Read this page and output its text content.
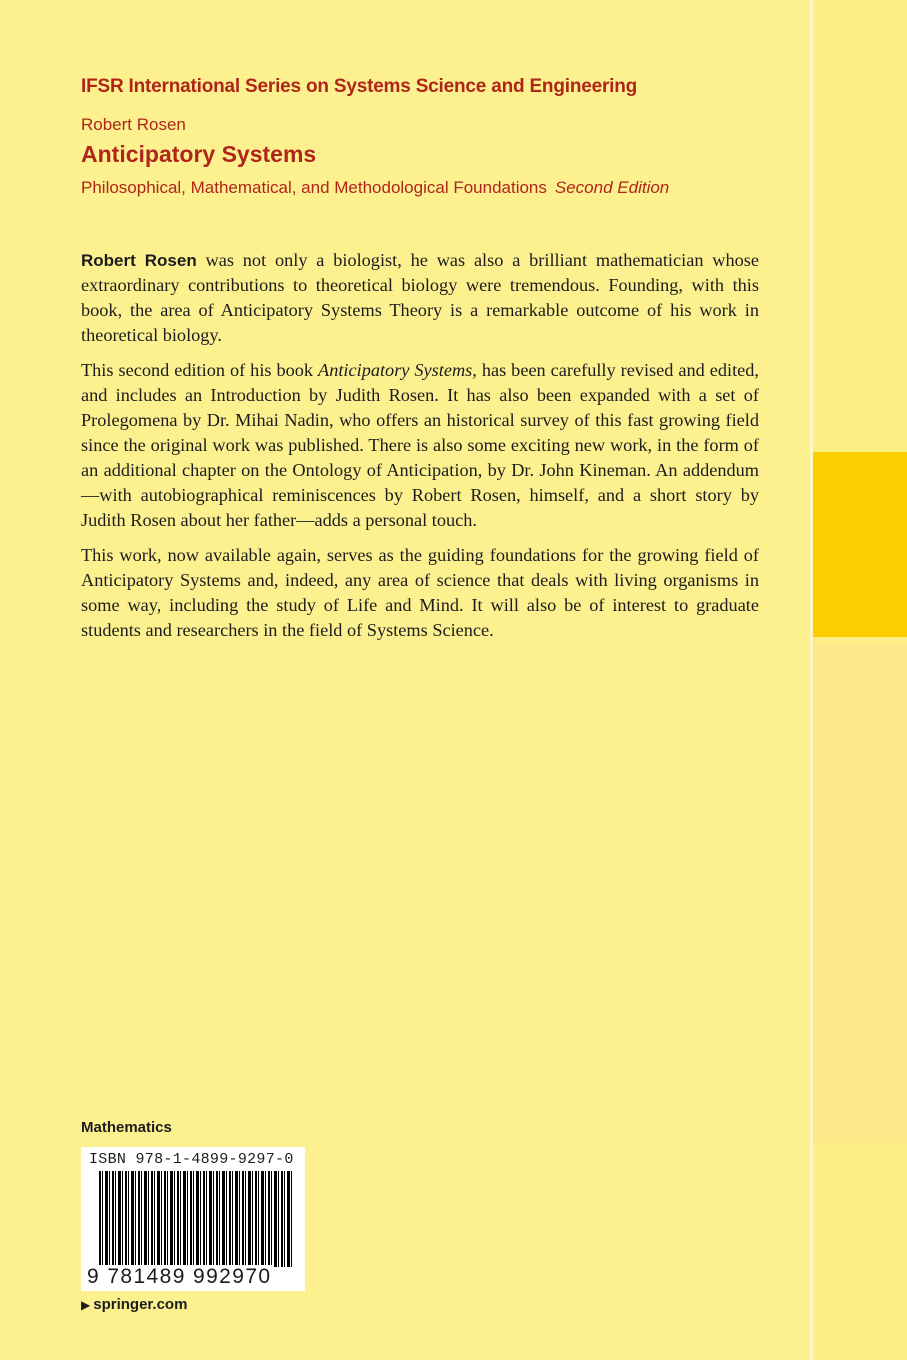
IFSR International Series on Systems Science and Engineering
Robert Rosen
Anticipatory Systems
Philosophical, Mathematical, and Methodological Foundations Second Edition

Robert Rosen was not only a biologist, he was also a brilliant mathematician whose extraordinary contributions to theoretical biology were tremendous. Founding, with this book, the area of Anticipatory Systems Theory is a remarkable outcome of his work in theoretical biology.

This second edition of his book Anticipatory Systems, has been carefully revised and edited, and includes an Introduction by Judith Rosen. It has also been expanded with a set of Prolegomena by Dr. Mihai Nadin, who offers an historical survey of this fast growing field since the original work was published. There is also some exciting new work, in the form of an additional chapter on the Ontology of Anticipation, by Dr. John Kineman. An addendum—with autobiographical reminiscences by Robert Rosen, himself, and a short story by Judith Rosen about her father—adds a personal touch.

This work, now available again, serves as the guiding foundations for the growing field of Anticipatory Systems and, indeed, any area of science that deals with living organisms in some way, including the study of Life and Mind. It will also be of interest to graduate students and researchers in the field of Systems Science.

Mathematics
ISBN 978-1-4899-9297-0
9 781489 992970
▶ springer.com
